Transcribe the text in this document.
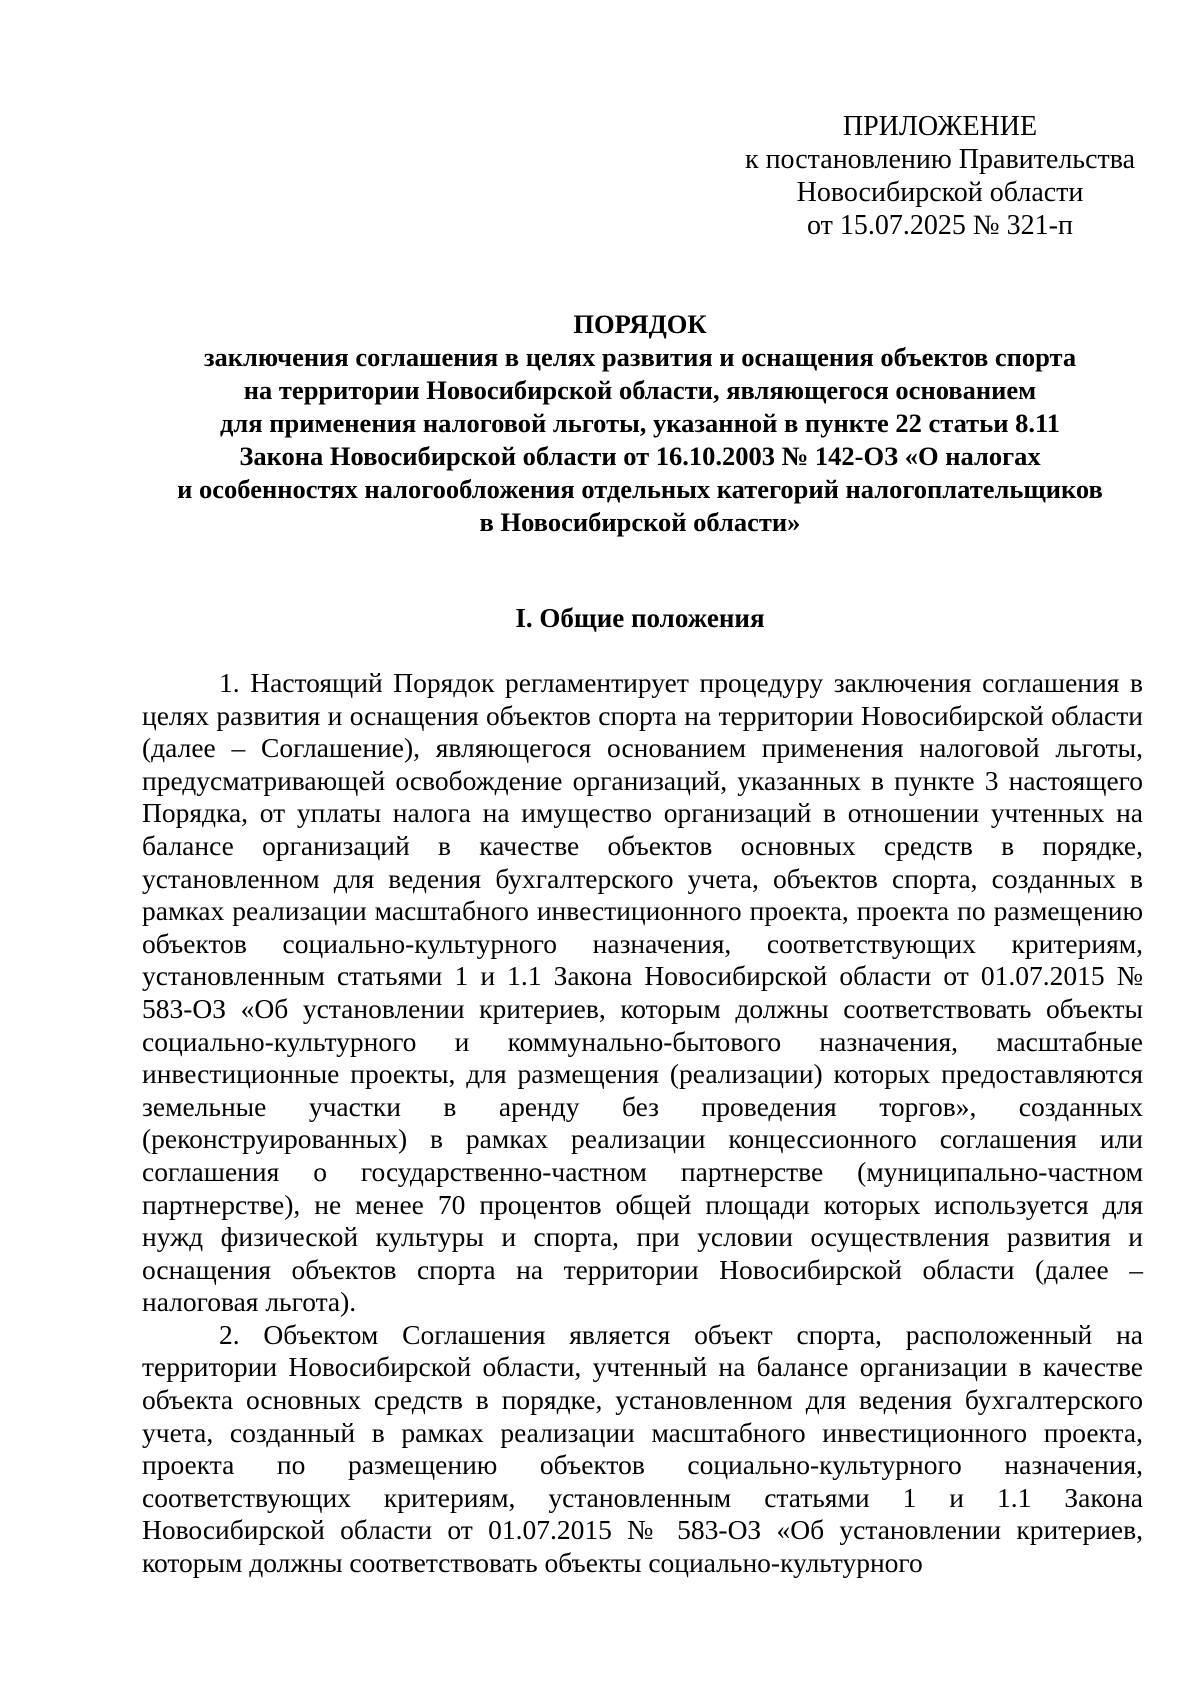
ПРИЛОЖЕНИЕ
к постановлению Правительства
Новосибирской области
от 15.07.2025 № 321-п
ПОРЯДОК
заключения соглашения в целях развития и оснащения объектов спорта
на территории Новосибирской области, являющегося основанием
для применения налоговой льготы, указанной в пункте 22 статьи 8.11
Закона Новосибирской области от 16.10.2003 № 142-ОЗ «О налогах
и особенностях налогообложения отдельных категорий налогоплательщиков
в Новосибирской области»
I. Общие положения

1. Настоящий Порядок регламентирует процедуру заключения соглашения в целях развития и оснащения объектов спорта на территории Новосибирской области (далее – Соглашение), являющегося основанием применения налоговой льготы, предусматривающей освобождение организаций, указанных в пункте 3 настоящего Порядка, от уплаты налога на имущество организаций в отношении учтенных на балансе организаций в качестве объектов основных средств в порядке, установленном для ведения бухгалтерского учета, объектов спорта, созданных в рамках реализации масштабного инвестиционного проекта, проекта по размещению объектов социально-культурного назначения, соответствующих критериям, установленным статьями 1 и 1.1 Закона Новосибирской области от 01.07.2015 № 583-ОЗ «Об установлении критериев, которым должны соответствовать объекты социально-культурного и коммунально-бытового назначения, масштабные инвестиционные проекты, для размещения (реализации) которых предоставляются земельные участки в аренду без проведения торгов», созданных (реконструированных) в рамках реализации концессионного соглашения или соглашения о государственно-частном партнерстве (муниципально-частном партнерстве), не менее 70 процентов общей площади которых используется для нужд физической культуры и спорта, при условии осуществления развития и оснащения объектов спорта на территории Новосибирской области (далее – налоговая льгота).

2. Объектом Соглашения является объект спорта, расположенный на территории Новосибирской области, учтенный на балансе организации в качестве объекта основных средств в порядке, установленном для ведения бухгалтерского учета, созданный в рамках реализации масштабного инвестиционного проекта, проекта по размещению объектов социально-культурного назначения, соответствующих критериям, установленным статьями 1 и 1.1 Закона Новосибирской области от 01.07.2015 № 583-ОЗ «Об установлении критериев, которым должны соответствовать объекты социально-культурного
